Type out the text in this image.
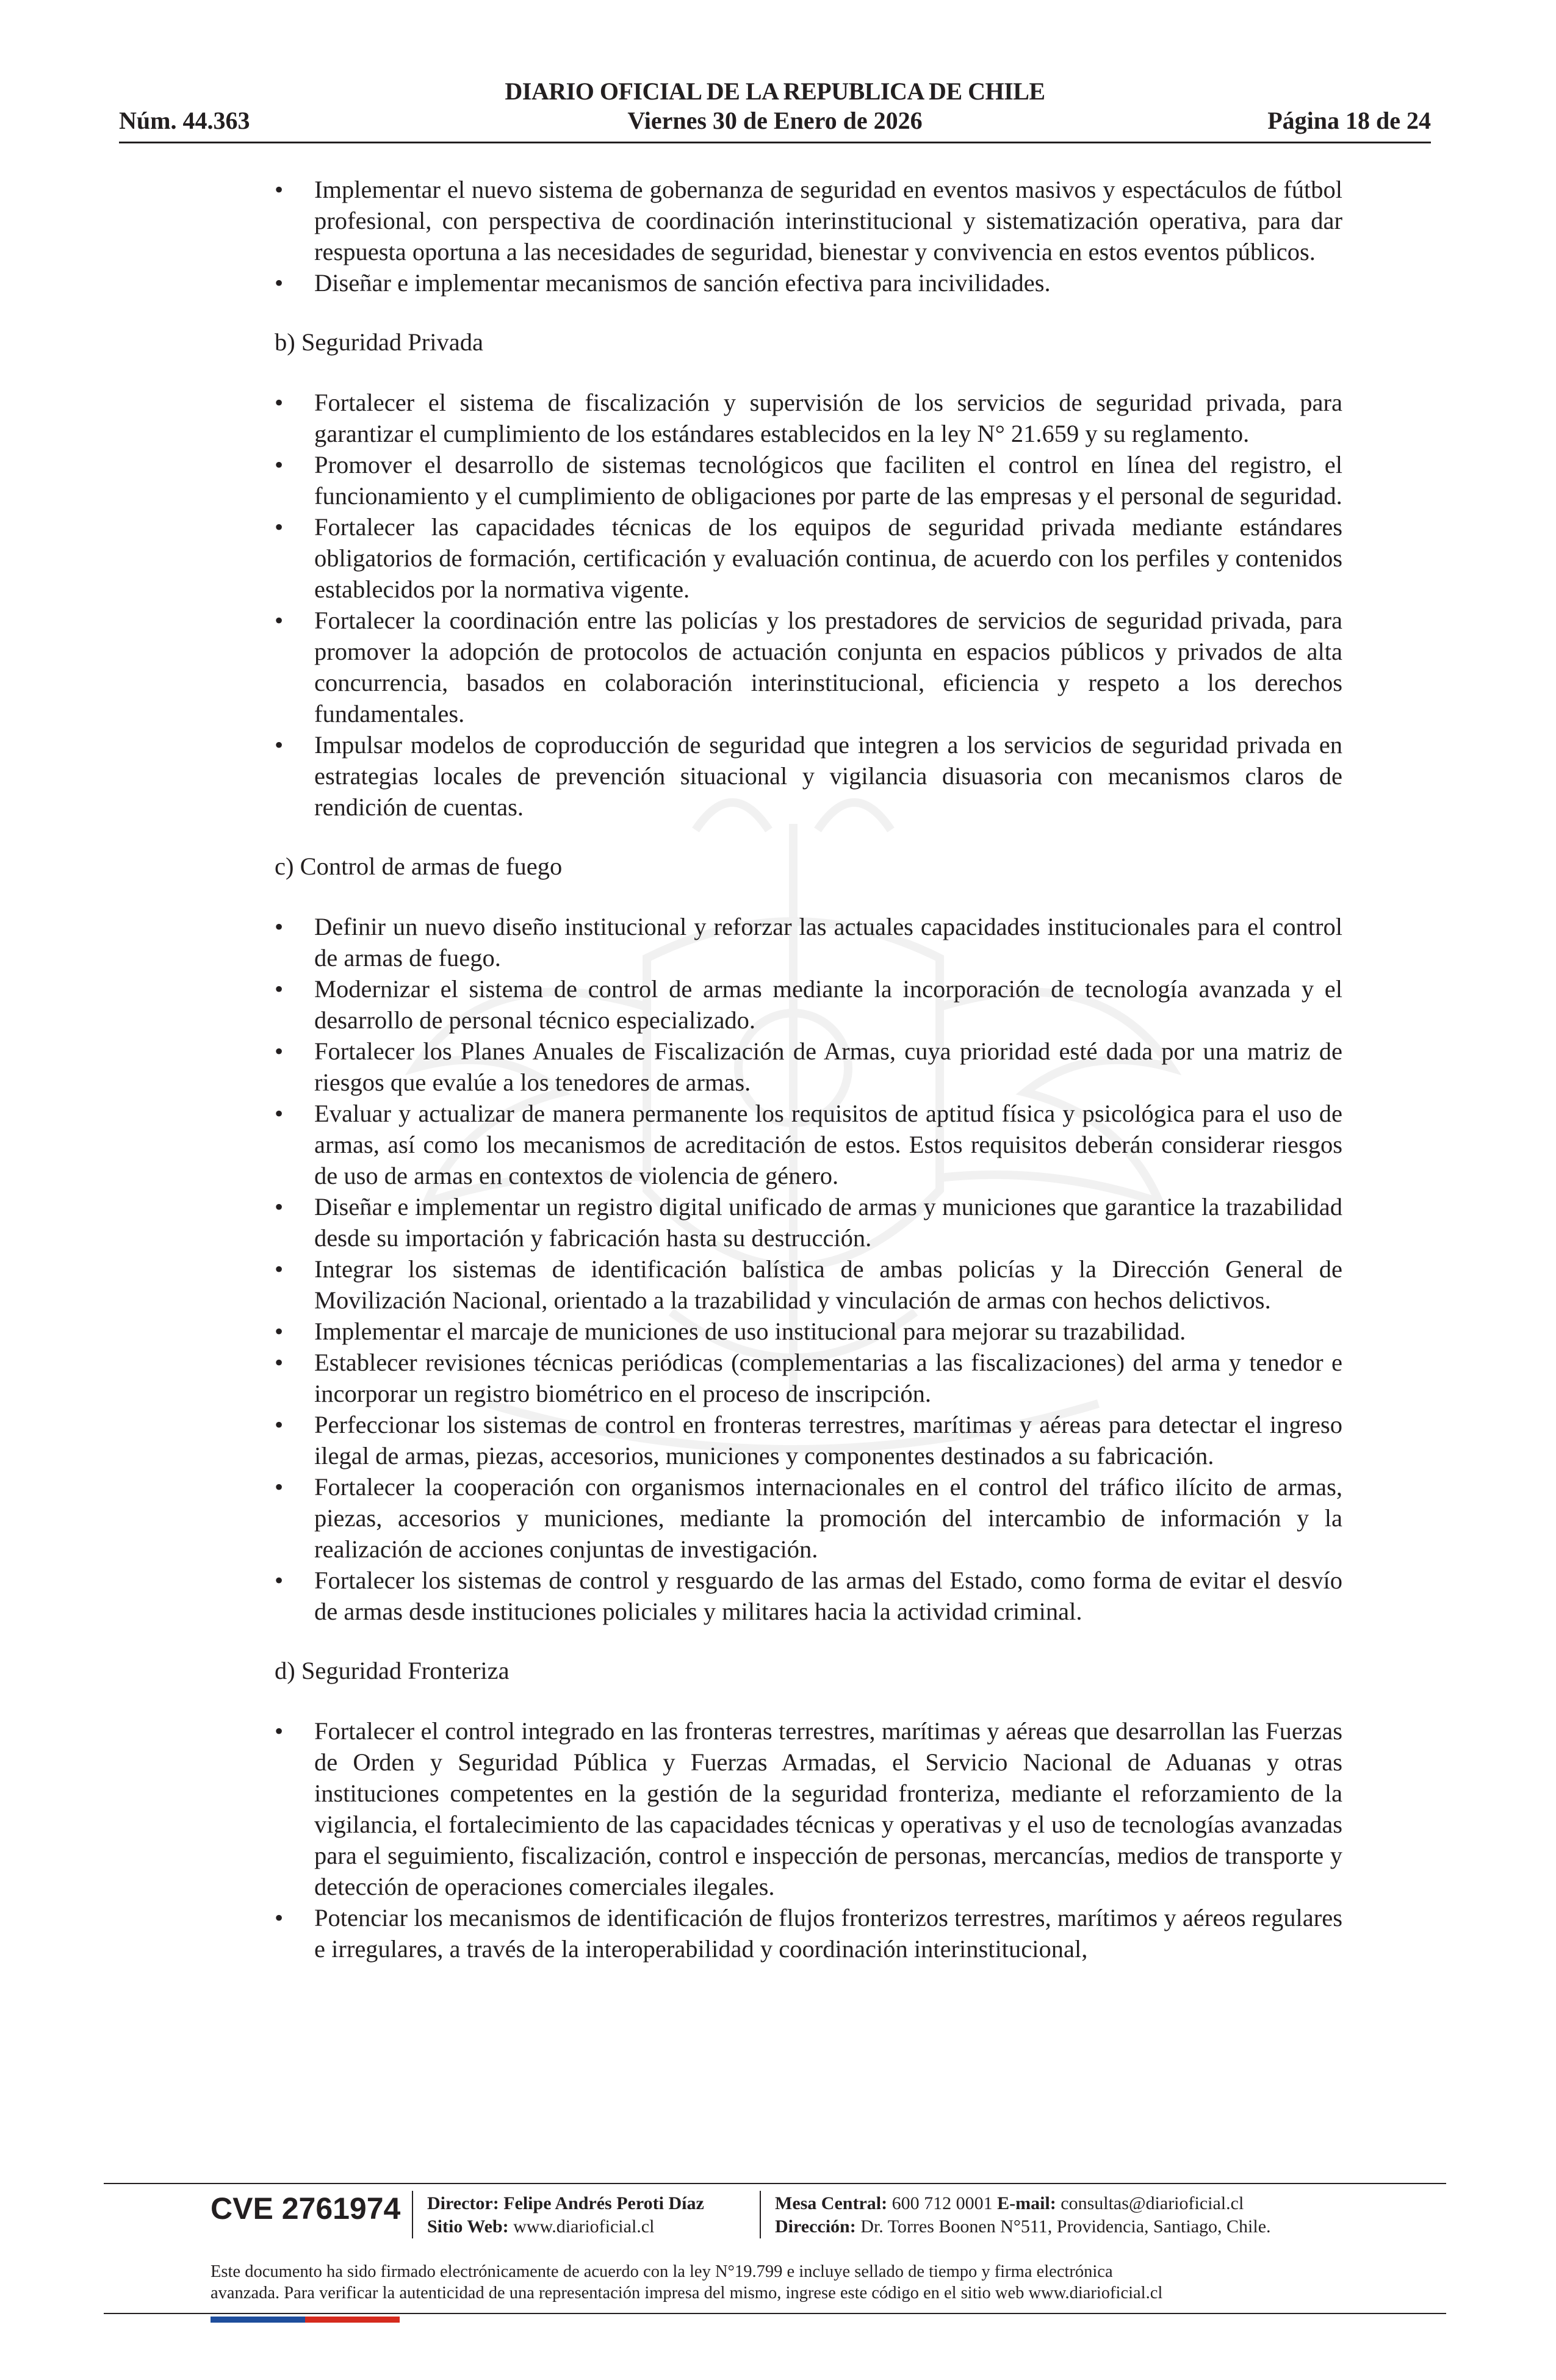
DIARIO OFICIAL DE LA REPUBLICA DE CHILE
Núm. 44.363	Viernes 30 de Enero de 2026	Página 18 de 24
• Implementar el nuevo sistema de gobernanza de seguridad en eventos masivos y espectáculos de fútbol profesional, con perspectiva de coordinación interinstitucional y sistematización operativa, para dar respuesta oportuna a las necesidades de seguridad, bienestar y convivencia en estos eventos públicos.
• Diseñar e implementar mecanismos de sanción efectiva para incivilidades.
b) Seguridad Privada
• Fortalecer el sistema de fiscalización y supervisión de los servicios de seguridad privada, para garantizar el cumplimiento de los estándares establecidos en la ley N° 21.659 y su reglamento.
• Promover el desarrollo de sistemas tecnológicos que faciliten el control en línea del registro, el funcionamiento y el cumplimiento de obligaciones por parte de las empresas y el personal de seguridad.
• Fortalecer las capacidades técnicas de los equipos de seguridad privada mediante estándares obligatorios de formación, certificación y evaluación continua, de acuerdo con los perfiles y contenidos establecidos por la normativa vigente.
• Fortalecer la coordinación entre las policías y los prestadores de servicios de seguridad privada, para promover la adopción de protocolos de actuación conjunta en espacios públicos y privados de alta concurrencia, basados en colaboración interinstitucional, eficiencia y respeto a los derechos fundamentales.
• Impulsar modelos de coproducción de seguridad que integren a los servicios de seguridad privada en estrategias locales de prevención situacional y vigilancia disuasoria con mecanismos claros de rendición de cuentas.
c) Control de armas de fuego
• Definir un nuevo diseño institucional y reforzar las actuales capacidades institucionales para el control de armas de fuego.
• Modernizar el sistema de control de armas mediante la incorporación de tecnología avanzada y el desarrollo de personal técnico especializado.
• Fortalecer los Planes Anuales de Fiscalización de Armas, cuya prioridad esté dada por una matriz de riesgos que evalúe a los tenedores de armas.
• Evaluar y actualizar de manera permanente los requisitos de aptitud física y psicológica para el uso de armas, así como los mecanismos de acreditación de estos. Estos requisitos deberán considerar riesgos de uso de armas en contextos de violencia de género.
• Diseñar e implementar un registro digital unificado de armas y municiones que garantice la trazabilidad desde su importación y fabricación hasta su destrucción.
• Integrar los sistemas de identificación balística de ambas policías y la Dirección General de Movilización Nacional, orientado a la trazabilidad y vinculación de armas con hechos delictivos.
• Implementar el marcaje de municiones de uso institucional para mejorar su trazabilidad.
• Establecer revisiones técnicas periódicas (complementarias a las fiscalizaciones) del arma y tenedor e incorporar un registro biométrico en el proceso de inscripción.
• Perfeccionar los sistemas de control en fronteras terrestres, marítimas y aéreas para detectar el ingreso ilegal de armas, piezas, accesorios, municiones y componentes destinados a su fabricación.
• Fortalecer la cooperación con organismos internacionales en el control del tráfico ilícito de armas, piezas, accesorios y municiones, mediante la promoción del intercambio de información y la realización de acciones conjuntas de investigación.
• Fortalecer los sistemas de control y resguardo de las armas del Estado, como forma de evitar el desvío de armas desde instituciones policiales y militares hacia la actividad criminal.
d) Seguridad Fronteriza
• Fortalecer el control integrado en las fronteras terrestres, marítimas y aéreas que desarrollan las Fuerzas de Orden y Seguridad Pública y Fuerzas Armadas, el Servicio Nacional de Aduanas y otras instituciones competentes en la gestión de la seguridad fronteriza, mediante el reforzamiento de la vigilancia, el fortalecimiento de las capacidades técnicas y operativas y el uso de tecnologías avanzadas para el seguimiento, fiscalización, control e inspección de personas, mercancías, medios de transporte y detección de operaciones comerciales ilegales.
• Potenciar los mecanismos de identificación de flujos fronterizos terrestres, marítimos y aéreos regulares e irregulares, a través de la interoperabilidad y coordinación interinstitucional,
CVE 2761974 Director: Felipe Andrés Peroti Díaz
Sitio Web: www.diarioficial.cl
Mesa Central: 600 712 0001 E-mail: consultas@diarioficial.cl
Dirección: Dr. Torres Boonen N°511, Providencia, Santiago, Chile.
Este documento ha sido firmado electrónicamente de acuerdo con la ley N°19.799 e incluye sellado de tiempo y firma electrónica
avanzada. Para verificar la autenticidad de una representación impresa del mismo, ingrese este código en el sitio web www.diarioficial.cl
